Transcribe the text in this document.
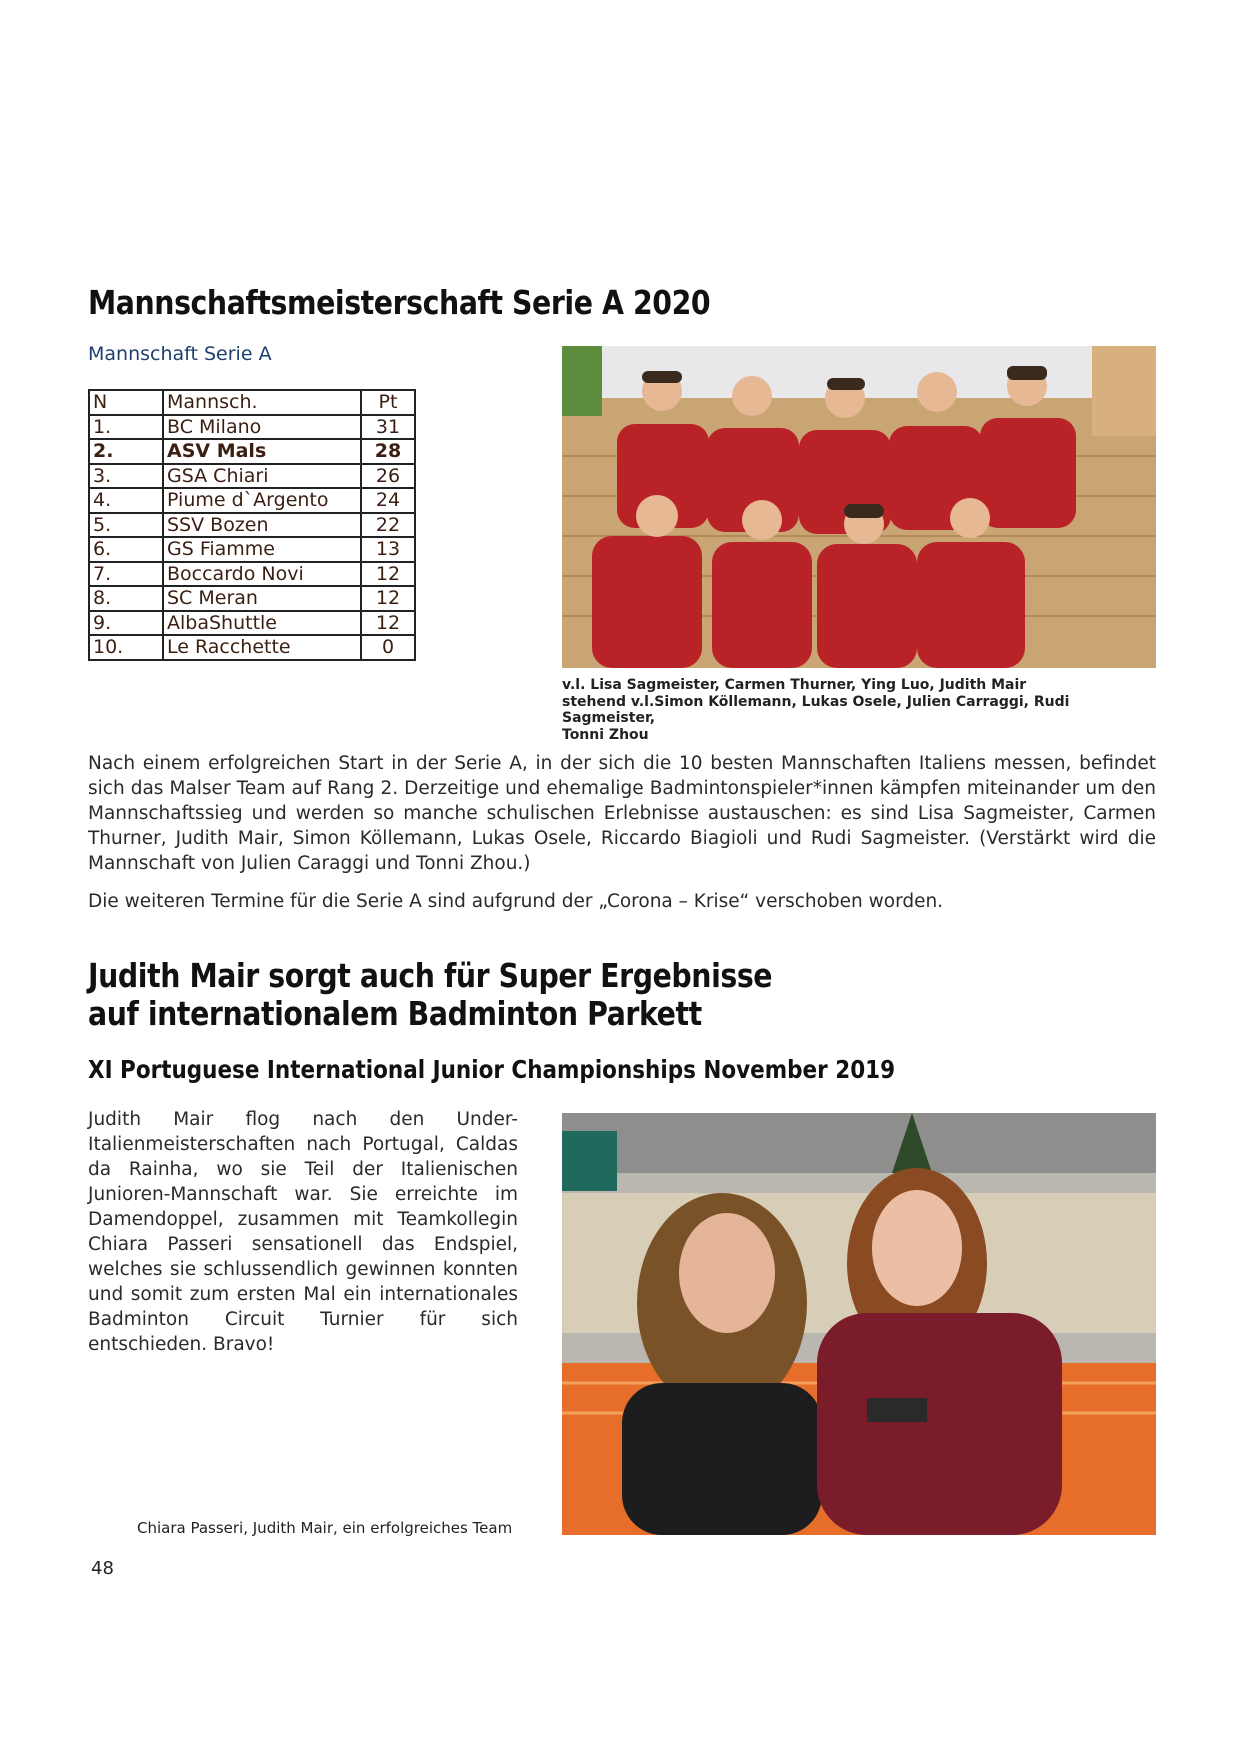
Mannschaftsmeisterschaft Serie A 2020
Mannschaft Serie A
N	Mannsch.	Pt
1.	BC Milano	31
2.	ASV Mals	28
3.	GSA Chiari	26
4.	Piume d`Argento	24
5.	SSV Bozen	22
6.	GS Fiamme	13
7.	Boccardo Novi	12
8.	SC Meran	12
9.	AlbaShuttle	12
10.	Le Racchette	0
v.l. Lisa Sagmeister, Carmen Thurner, Ying Luo, Judith Mair
stehend v.l.Simon Köllemann, Lukas Osele, Julien Carraggi, Rudi Sagmeister,
Tonni Zhou
Nach einem erfolgreichen Start in der Serie A, in der sich die 10 besten Mannschaften Italiens messen, befindet sich das Malser Team auf Rang 2. Derzeitige und ehemalige Badmintonspieler*innen kämpfen miteinander um den Mannschaftssieg und werden so manche schulischen Erlebnisse austauschen: es sind Lisa Sagmeister, Carmen Thurner, Judith Mair, Simon Köllemann, Lukas Osele, Riccardo Biagioli und Rudi Sagmeister. (Verstärkt wird die Mannschaft von Julien Caraggi und Tonni Zhou.)
Die weiteren Termine für die Serie A sind aufgrund der „Corona – Krise“ verschoben worden.
Judith Mair sorgt auch für Super Ergebnisse
auf internationalem Badminton Parkett
XI Portuguese International Junior Championships November 2019
Judith Mair flog nach den Under-Italienmeisterschaften nach Portugal, Caldas da Rainha, wo sie Teil der Italienischen Junioren-Mannschaft war. Sie erreichte im Damendoppel, zusammen mit Teamkollegin Chiara Passeri sensationell das Endspiel, welches sie schlussendlich gewinnen konnten und somit zum ersten Mal ein internationales Badminton Circuit Turnier für sich entschieden. Bravo!
Chiara Passeri, Judith Mair, ein erfolgreiches Team
48
